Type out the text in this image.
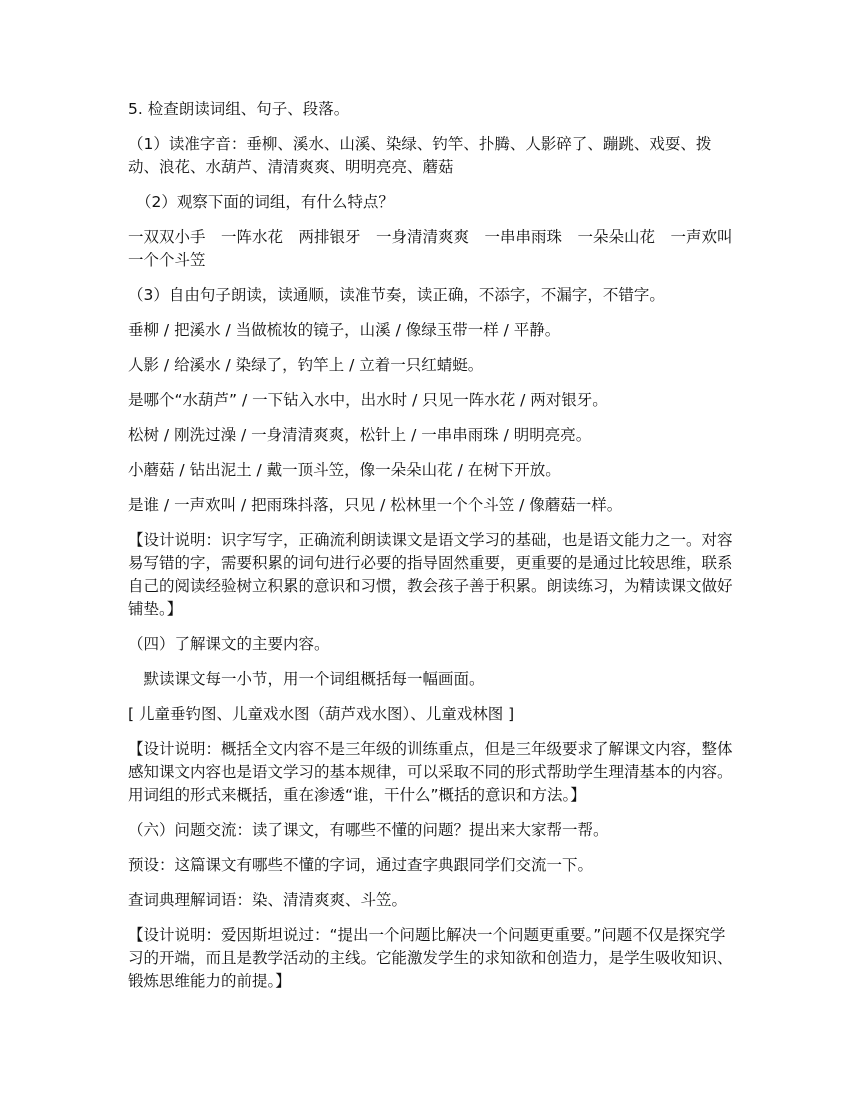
5. 检查朗读词组、句子、段落。

（1）读准字音：垂柳、溪水、山溪、染绿、钓竿、扑腾、人影碎了、蹦跳、戏耍、拨动、浪花、水葫芦、清清爽爽、明明亮亮、蘑菇

（2）观察下面的词组，有什么特点？

一双双小手　一阵水花　两排银牙　一身清清爽爽　一串串雨珠　一朵朵山花　一声欢叫　一个个斗笠

（3）自由句子朗读，读通顺，读准节奏，读正确，不添字，不漏字，不错字。

垂柳 / 把溪水 / 当做梳妆的镜子，山溪 / 像绿玉带一样 / 平静。

人影 / 给溪水 / 染绿了，钓竿上 / 立着一只红蜻蜓。

是哪个“水葫芦” / 一下钻入水中，出水时 / 只见一阵水花 / 两对银牙。

松树 / 刚洗过澡 / 一身清清爽爽，松针上 / 一串串雨珠 / 明明亮亮。

小蘑菇 / 钻出泥土 / 戴一顶斗笠，像一朵朵山花 / 在树下开放。

是谁 / 一声欢叫 / 把雨珠抖落，只见 / 松林里一个个斗笠 / 像蘑菇一样。

【设计说明：识字写字，正确流利朗读课文是语文学习的基础，也是语文能力之一。对容易写错的字，需要积累的词句进行必要的指导固然重要，更重要的是通过比较思维，联系自己的阅读经验树立积累的意识和习惯，教会孩子善于积累。朗读练习，为精读课文做好铺垫。】

（四）了解课文的主要内容。

　默读课文每一小节，用一个词组概括每一幅画面。

[ 儿童垂钓图、儿童戏水图（葫芦戏水图）、儿童戏林图 ]

【设计说明：概括全文内容不是三年级的训练重点，但是三年级要求了解课文内容，整体感知课文内容也是语文学习的基本规律，可以采取不同的形式帮助学生理清基本的内容。用词组的形式来概括，重在渗透“谁，干什么”概括的意识和方法。】

（六）问题交流：读了课文，有哪些不懂的问题？提出来大家帮一帮。

预设：这篇课文有哪些不懂的字词，通过查字典跟同学们交流一下。

查词典理解词语：染、清清爽爽、斗笠。

【设计说明：爱因斯坦说过：“提出一个问题比解决一个问题更重要。”问题不仅是探究学习的开端，而且是教学活动的主线。它能激发学生的求知欲和创造力，是学生吸收知识、锻炼思维能力的前提。】
